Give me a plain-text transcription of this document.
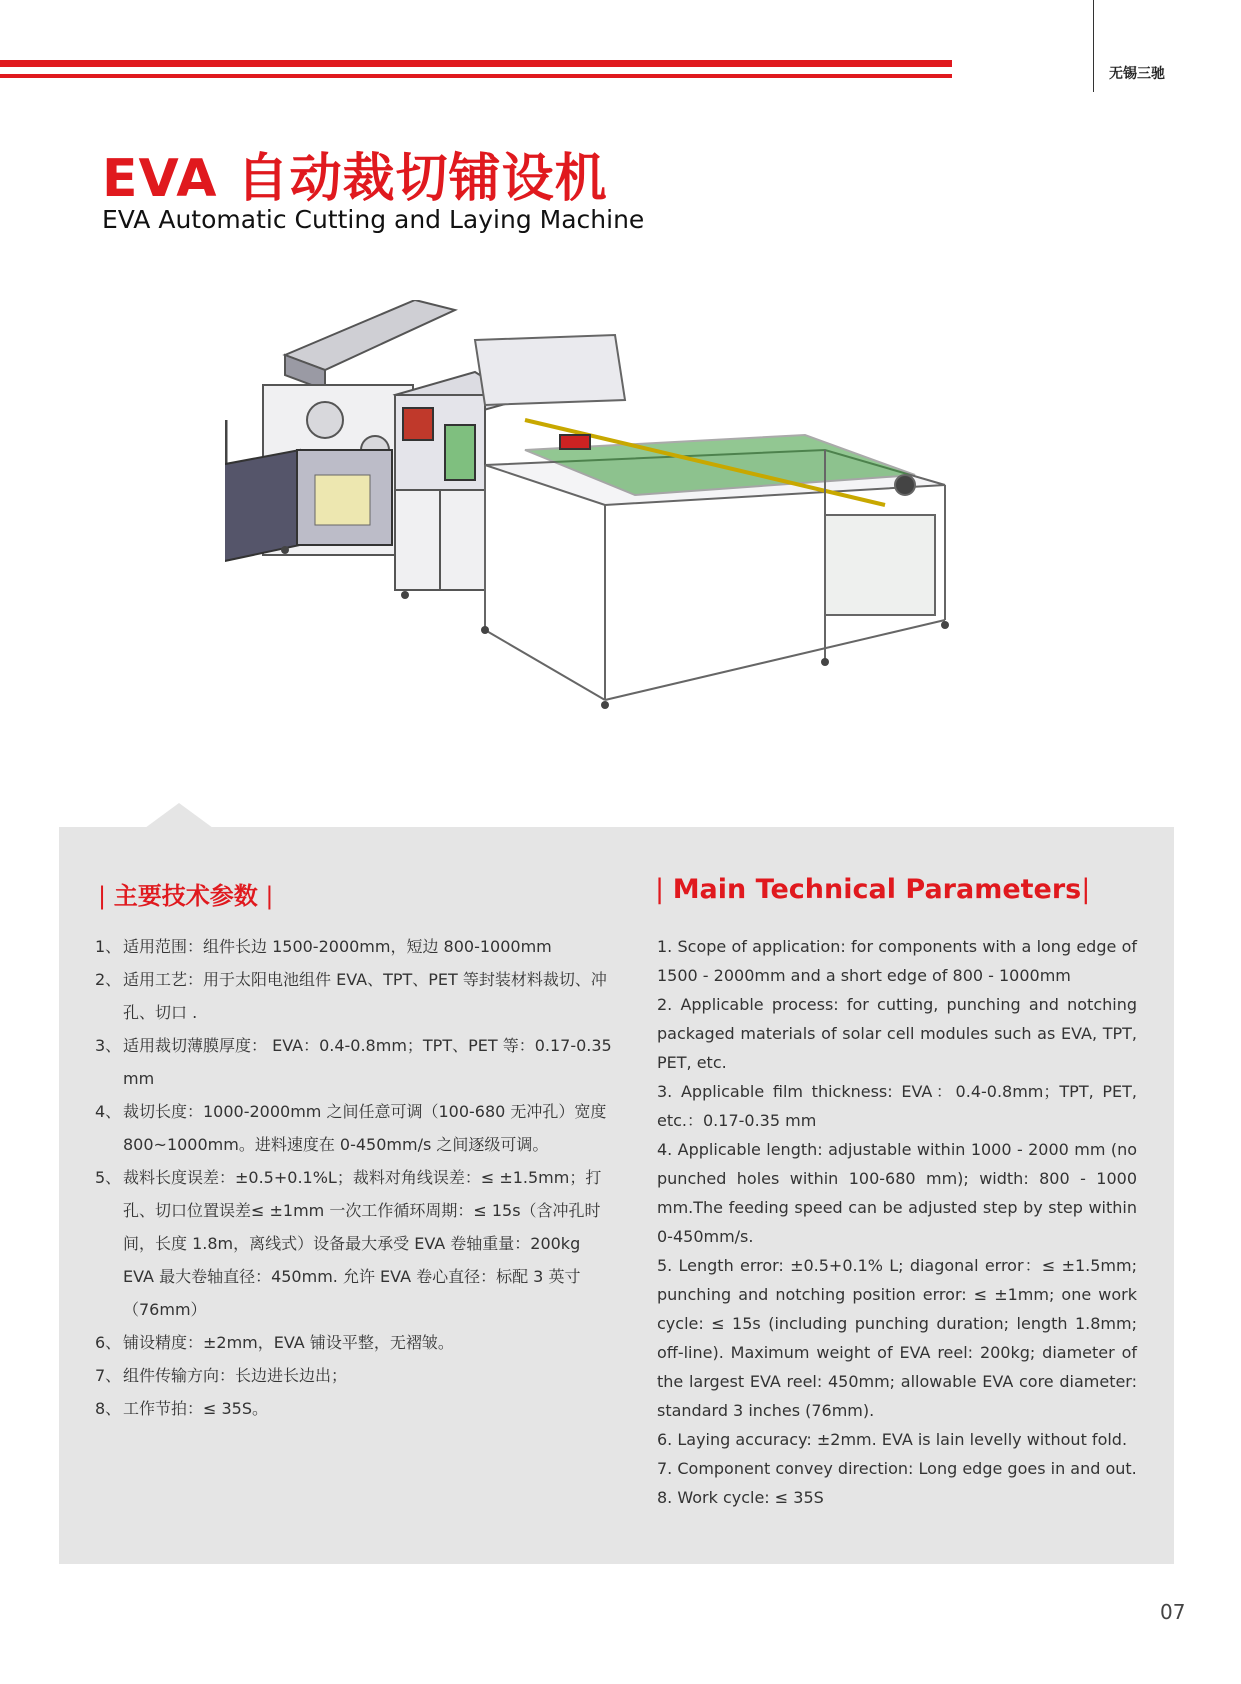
无锡三驰
EVA 自动裁切铺设机
EVA Automatic Cutting and Laying Machine
| 主要技术参数 |	| Main Technical Parameters|
1、 适用范围：组件长边 1500-2000mm，短边 800-1000mm
2、 适用工艺：用于太阳电池组件 EVA、TPT、PET 等封装材料裁切、冲孔、切口 .
3、 适用裁切薄膜厚度： EVA：0.4-0.8mm；TPT、PET 等：0.17-0.35 mm
4、 裁切长度：1000-2000mm 之间任意可调（100-680 无冲孔）宽度 800~1000mm。进料速度在 0-450mm/s 之间逐级可调。
5、 裁料长度误差：±0.5+0.1%L；裁料对角线误差：≤ ±1.5mm；打孔、切口位置误差≤ ±1mm 一次工作循环周期：≤ 15s（含冲孔时间，长度 1.8m，离线式）设备最大承受 EVA 卷轴重量：200kg EVA 最大卷轴直径：450mm. 允许 EVA 卷心直径：标配 3 英寸（76mm）
6、 铺设精度：±2mm，EVA 铺设平整，无褶皱。
7、 组件传输方向：长边进长边出；
8、 工作节拍：≤ 35S。

1. Scope of application: for components with a long edge of 1500 - 2000mm and a short edge of 800 - 1000mm

2. Applicable process: for cutting, punching and notching packaged materials of solar cell modules such as EVA, TPT, PET, etc.

3. Applicable film thickness: EVA：0.4-0.8mm；TPT, PET, etc.：0.17-0.35 mm

4. Applicable length: adjustable within 1000 - 2000 mm (no punched holes within 100-680 mm); width: 800 - 1000 mm.The feeding speed can be adjusted step by step within 0-450mm/s.

5. Length error: ±0.5+0.1% L; diagonal error：≤ ±1.5mm; punching and notching position error: ≤ ±1mm; one work cycle: ≤ 15s (including punching duration; length 1.8mm; off-line). Maximum weight of EVA reel: 200kg; diameter of the largest EVA reel: 450mm; allowable EVA core diameter: standard 3 inches (76mm).

6. Laying accuracy: ±2mm. EVA is lain levelly without fold.

7. Component convey direction: Long edge goes in and out.

8. Work cycle: ≤ 35S

07
